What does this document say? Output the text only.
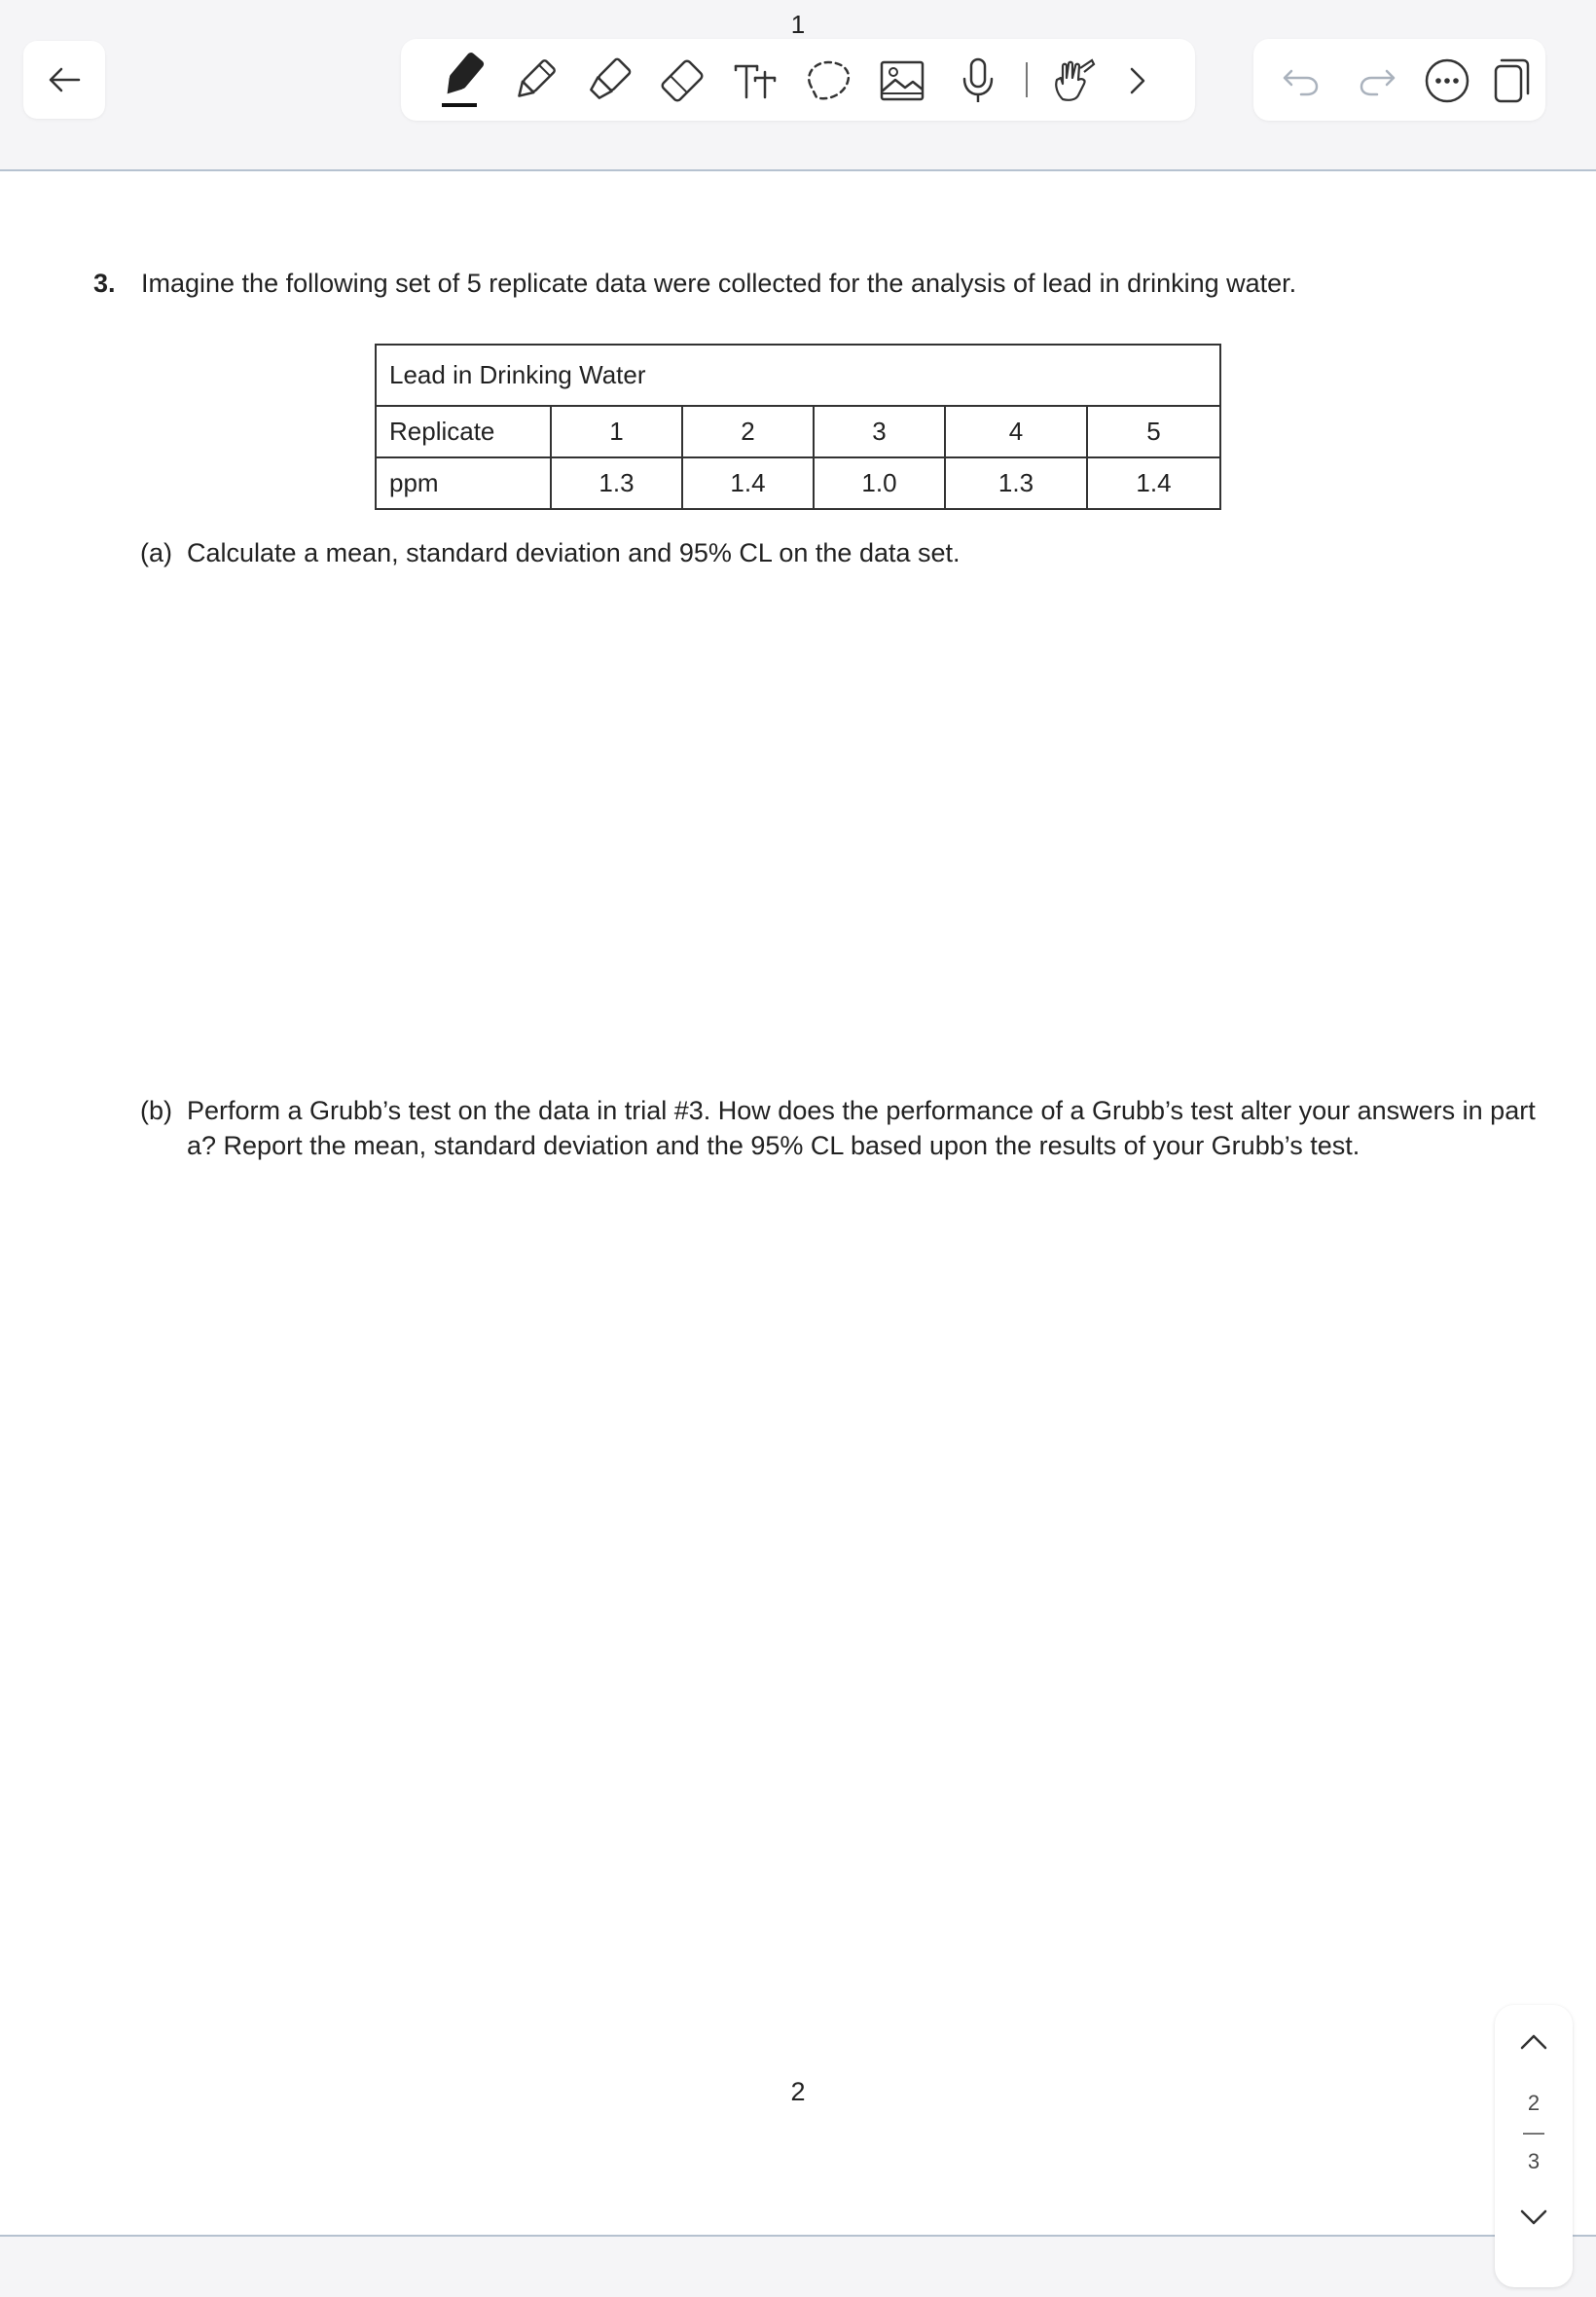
1
3. Imagine the following set of 5 replicate data were collected for the analysis of lead in drinking water.
Lead in Drinking Water					
Replicate	1	2	3	4	5
ppm	1.3	1.4	1.0	1.3	1.4
(a) Calculate a mean, standard deviation and 95% CL on the data set.
(b) Perform a Grubb’s test on the data in trial #3. How does the performance of a Grubb’s test alter your answers in part a? Report the mean, standard deviation and the 95% CL based upon the results of your Grubb’s test.
2	2
—
3
